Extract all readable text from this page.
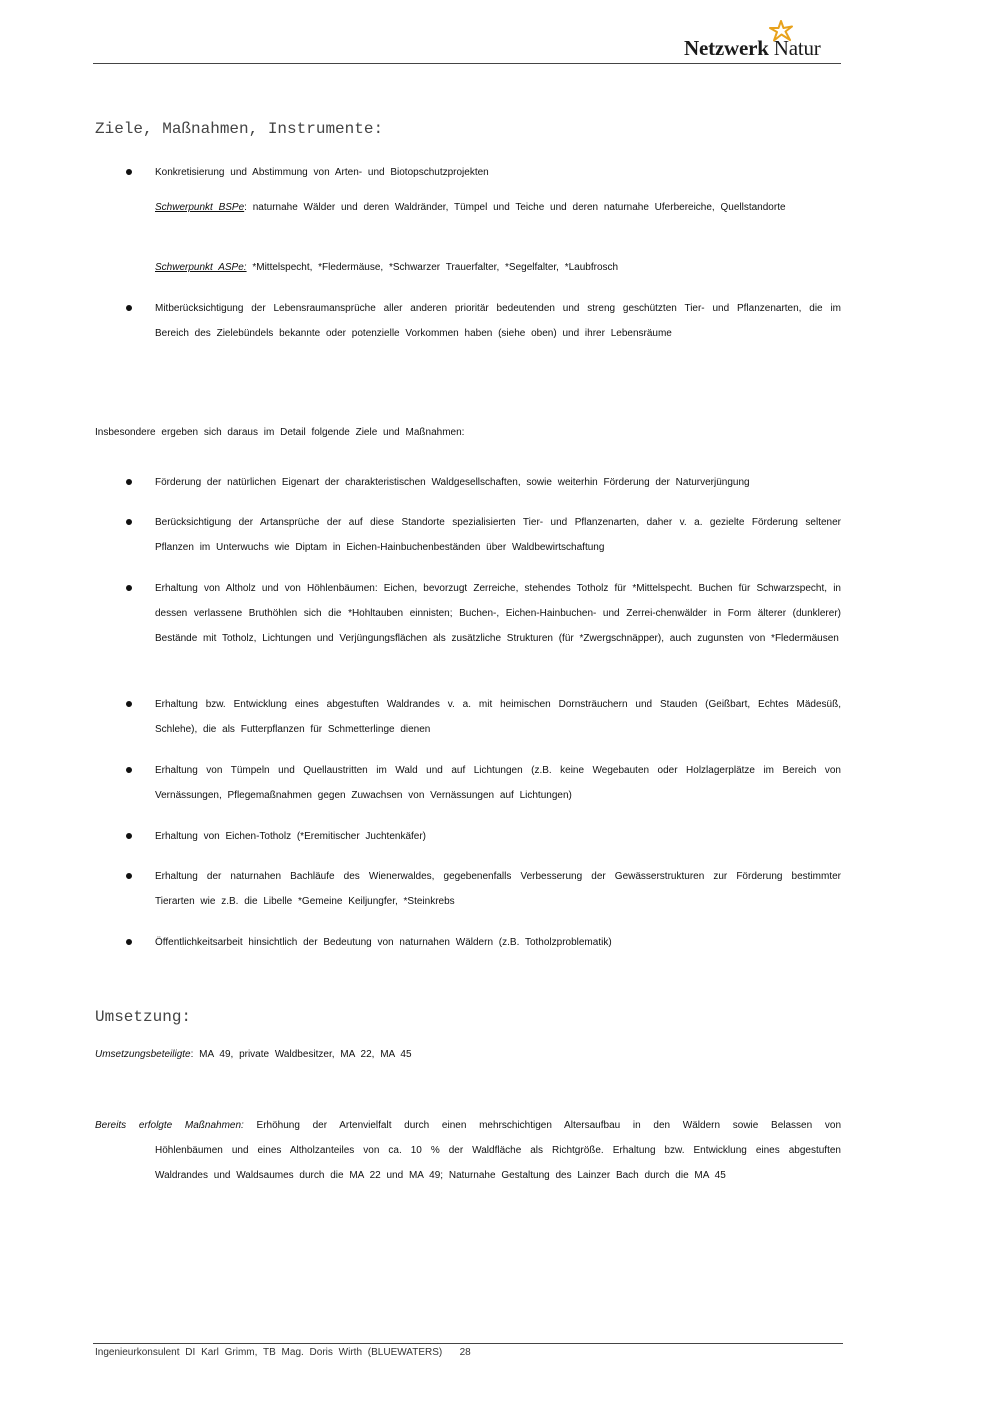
Netzwerk Natur
Ziele, Maßnahmen, Instrumente:
Konkretisierung und Abstimmung von Arten- und Biotopschutzprojekten
Schwerpunkt BSPe: naturnahe Wälder und deren Waldränder, Tümpel und Teiche und deren naturnahe Uferbereiche, Quellstandorte
Schwerpunkt ASPe: *Mittelspecht, *Fledermäuse, *Schwarzer Trauerfalter, *Segelfalter, *Laubfrosch
Mitberücksichtigung der Lebensraumansprüche aller anderen prioritär bedeutenden und streng geschützten Tier- und Pflanzenarten, die im Bereich des Zielebündels bekannte oder potenzielle Vorkommen haben (siehe oben) und ihrer Lebensräume
Insbesondere ergeben sich daraus im Detail folgende Ziele und Maßnahmen:
Förderung der natürlichen Eigenart der charakteristischen Waldgesellschaften, sowie weiterhin Förderung der Naturverjüngung
Berücksichtigung der Artansprüche der auf diese Standorte spezialisierten Tier- und Pflanzenarten, daher v. a. gezielte Förderung seltener Pflanzen im Unterwuchs wie Diptam in Eichen-Hainbuchenbeständen über Waldbewirtschaftung
Erhaltung von Altholz und von Höhlenbäumen: Eichen, bevorzugt Zerreiche, stehendes Totholz für *Mittelspecht. Buchen für Schwarzspecht, in dessen verlassene Bruthöhlen sich die *Hohltauben einnisten; Buchen-, Eichen-Hainbuchen- und Zerrei-chenwälder in Form älterer (dunklerer) Bestände mit Totholz, Lichtungen und Verjüngungsflächen als zusätzliche Strukturen (für *Zwergschnäpper), auch zugunsten von *Fledermäusen
Erhaltung bzw. Entwicklung eines abgestuften Waldrandes v. a. mit heimischen Dornsträuchern und Stauden (Geißbart, Echtes Mädesüß, Schlehe), die als Futterpflanzen für Schmetterlinge dienen
Erhaltung von Tümpeln und Quellaustritten im Wald und auf Lichtungen (z.B. keine Wegebauten oder Holzlagerplätze im Bereich von Vernässungen, Pflegemaßnahmen gegen Zuwachsen von Vernässungen auf Lichtungen)
Erhaltung von Eichen-Totholz (*Eremitischer Juchtenkäfer)
Erhaltung der naturnahen Bachläufe des Wienerwaldes, gegebenenfalls Verbesserung der Gewässerstrukturen zur Förderung bestimmter Tierarten wie z.B. die Libelle *Gemeine Keiljungfer, *Steinkrebs
Öffentlichkeitsarbeit hinsichtlich der Bedeutung von naturnahen Wäldern (z.B. Totholzproblematik)
Umsetzung:
Umsetzungsbeteiligte: MA 49, private Waldbesitzer, MA 22, MA 45
Bereits erfolgte Maßnahmen: Erhöhung der Artenvielfalt durch einen mehrschichtigen Altersaufbau in den Wäldern sowie Belassen von
Höhlenbäumen und eines Altholzanteiles von ca. 10 % der Waldfläche als Richtgröße. Erhaltung bzw. Entwicklung eines abgestuften Waldrandes und Waldsaumes durch die MA 22 und MA 49; Naturnahe Gestaltung des Lainzer Bach durch die MA 45
Ingenieurkonsulent DI Karl Grimm, TB Mag. Doris Wirth (BLUEWATERS) 28
